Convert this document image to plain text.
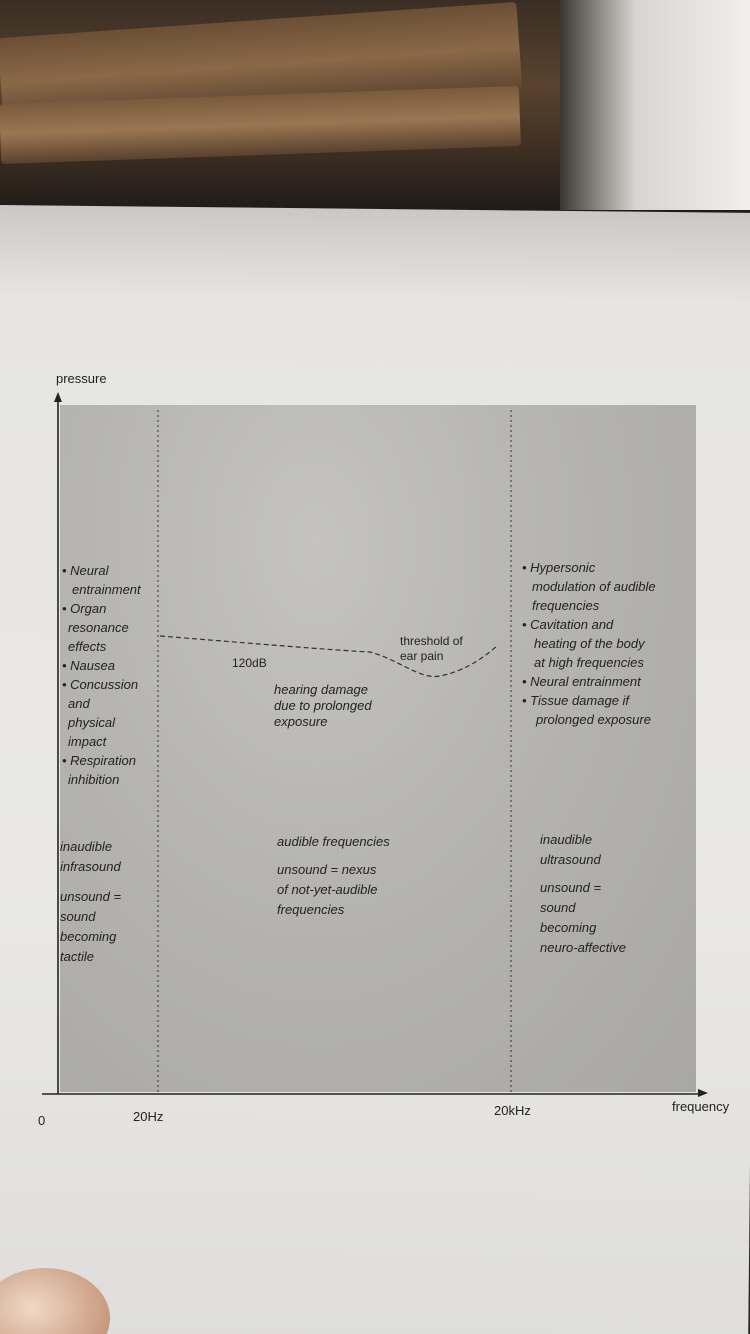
pressure
frequency
0	20Hz	20kHz
120dB
threshold of
ear pain
hearing damage
due to prolonged
exposure
• Neural
entrainment
• Organ
resonance
effects
• Nausea
• Concussion
and
physical
impact
• Respiration
inhibition
inaudible
infrasound
unsound =
sound
becoming
tactile
audible frequencies
unsound = nexus
of not-yet-audible
frequencies
• Hypersonic
modulation of audible
frequencies
• Cavitation and
heating of the body
at high frequencies
• Neural entrainment
• Tissue damage if
prolonged exposure
inaudible
ultrasound
unsound =
sound
becoming
neuro-affective
